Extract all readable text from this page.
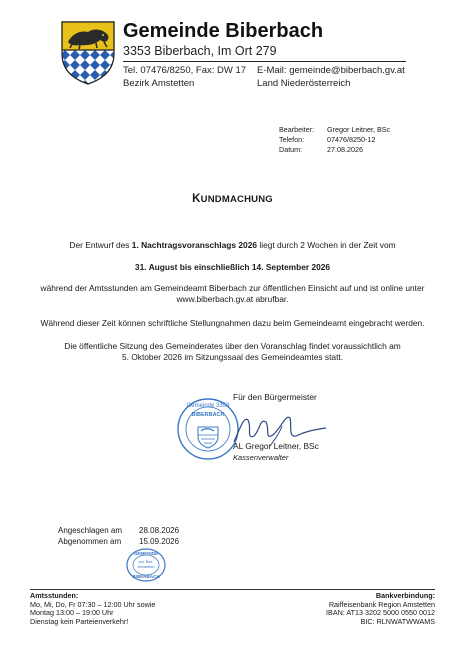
Gemeinde Biberbach
3353 Biberbach, Im Ort 279
Tel. 07476/8250, Fax: DW 17
Bezirk Amstetten
E-Mail: gemeinde@biberbach.gv.at
Land Niederösterreich
Bearbeiter: Gregor Leitner, BSc
Telefon:	07476/8250-12
Datum:	27.08.2026
KUNDMACHUNG
Der Entwurf des 1. Nachtragsvoranschlags 2026 liegt durch 2 Wochen in der Zeit vom
31. August bis einschließlich 14. September 2026
während der Amtsstunden am Gemeindeamt Biberbach zur öffentlichen Einsicht auf und ist online unter
www.biberbach.gv.at abrufbar.
Während dieser Zeit können schriftliche Stellungnahmen dazu beim Gemeindeamt eingebracht werden.
Die öffentliche Sitzung des Gemeinderates über den Voranschlag findet voraussichtlich am
5. Oktober 2026 im Sitzungssaal des Gemeindeamtes statt.
Für den Bürgermeister
Gemeinde 3353
BIBERBACH
AL Gregor Leitner, BSc
Kassenverwalter
Angeschlagen am 28.08.2026
Abgenommen am 15.09.2026
GEMEINDE
pol. Bez. Amstetten
BIBERBACH
Amtsstunden:
Mo, Mi, Do, Fr 07:30 – 12:00 Uhr sowie
Montag 13:00 – 19:00 Uhr
Dienstag kein Parteienverkehr!
Bankverbindung:
Raiffeisenbank Region Amstetten
IBAN: AT13 3202 5000 0550 0012
BIC: RLNWATWWAMS
